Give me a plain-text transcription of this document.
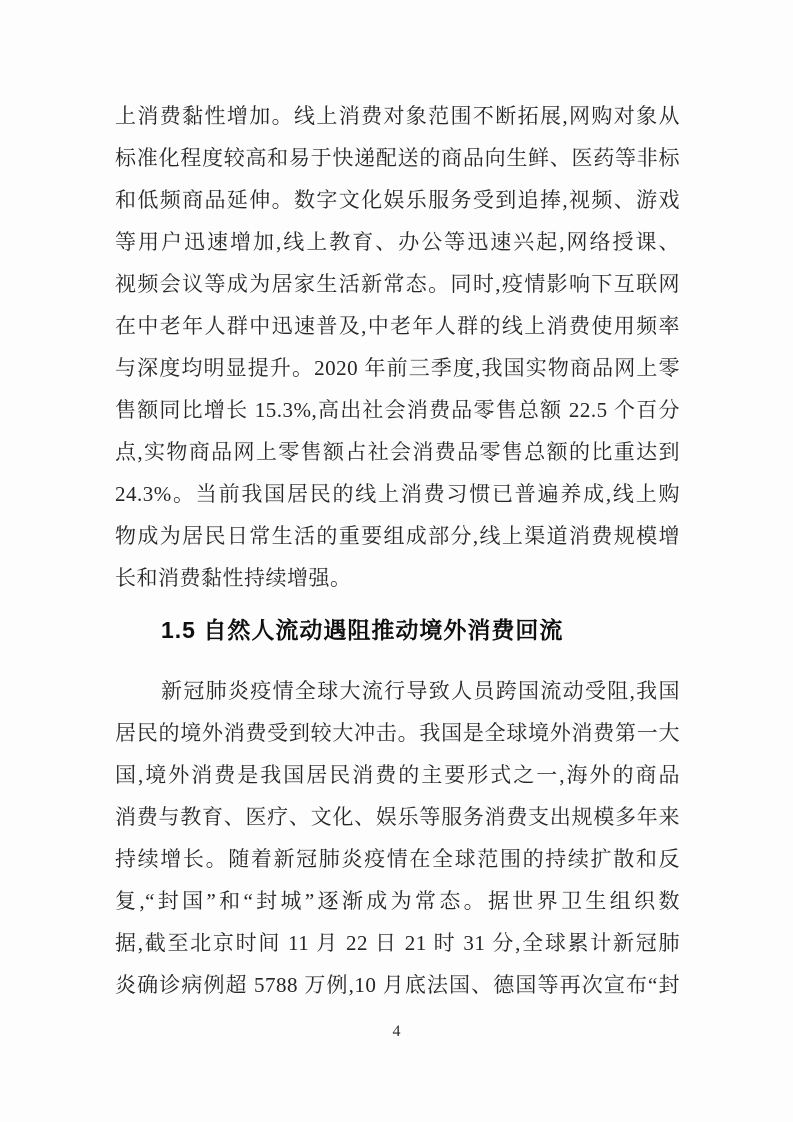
上消费黏性增加。线上消费对象范围不断拓展,网购对象从
标准化程度较高和易于快递配送的商品向生鲜、医药等非标
和低频商品延伸。数字文化娱乐服务受到追捧,视频、游戏
等用户迅速增加,线上教育、办公等迅速兴起,网络授课、
视频会议等成为居家生活新常态。同时,疫情影响下互联网
在中老年人群中迅速普及,中老年人群的线上消费使用频率
与深度均明显提升。2020 年前三季度,我国实物商品网上零
售额同比增长 15.3%,高出社会消费品零售总额 22.5 个百分
点,实物商品网上零售额占社会消费品零售总额的比重达到
24.3%。当前我国居民的线上消费习惯已普遍养成,线上购
物成为居民日常生活的重要组成部分,线上渠道消费规模增
长和消费黏性持续增强。
1.5 自然人流动遇阻推动境外消费回流
新冠肺炎疫情全球大流行导致人员跨国流动受阻,我国
居民的境外消费受到较大冲击。我国是全球境外消费第一大
国,境外消费是我国居民消费的主要形式之一,海外的商品
消费与教育、医疗、文化、娱乐等服务消费支出规模多年来
持续增长。随着新冠肺炎疫情在全球范围的持续扩散和反
复,“封国”和“封城”逐渐成为常态。据世界卫生组织数
据,截至北京时间 11 月 22 日 21 时 31 分,全球累计新冠肺
炎确诊病例超 5788 万例,10 月底法国、德国等再次宣布“封
4
